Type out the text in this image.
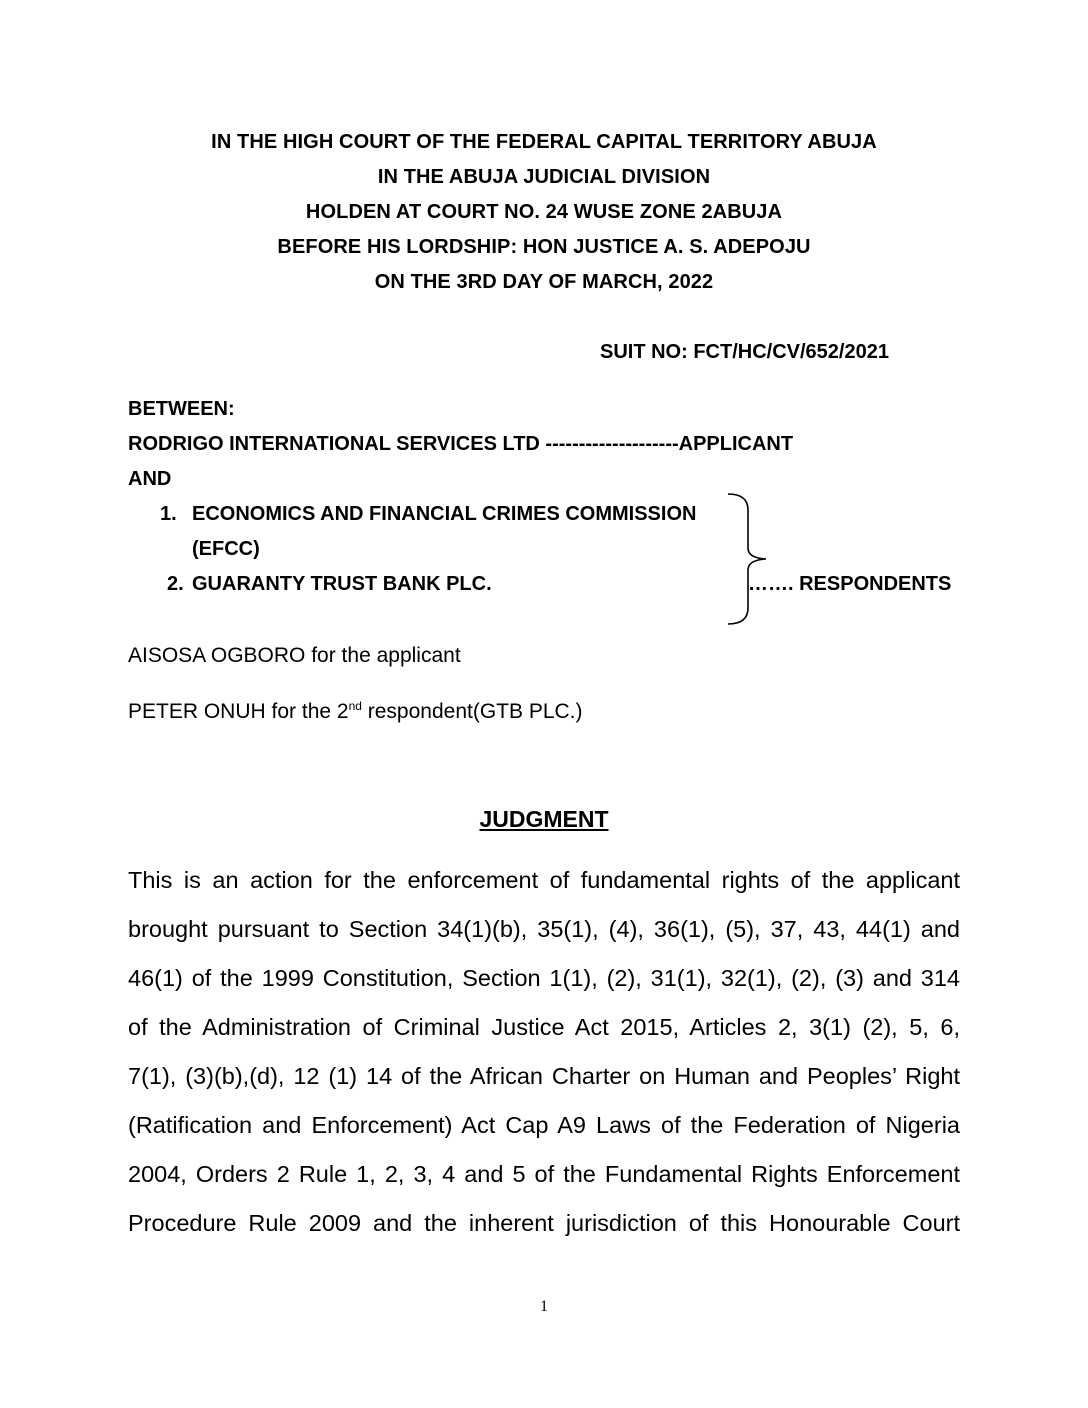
IN THE HIGH COURT OF THE FEDERAL CAPITAL TERRITORY ABUJA
IN THE ABUJA JUDICIAL DIVISION
HOLDEN AT COURT NO. 24 WUSE ZONE 2ABUJA
BEFORE HIS LORDSHIP: HON JUSTICE A. S. ADEPOJU
ON THE 3RD DAY OF MARCH, 2022
SUIT NO: FCT/HC/CV/652/2021
BETWEEN:
RODRIGO INTERNATIONAL SERVICES LTD --------------------APPLICANT
AND
1. ECONOMICS AND FINANCIAL CRIMES COMMISSION
(EFCC)
2. GUARANTY TRUST BANK PLC.	……. RESPONDENTS
AISOSA OGBORO for the applicant
PETER ONUH for the 2nd respondent(GTB PLC.)
JUDGMENT
This is an action for the enforcement of fundamental rights of the applicant
brought pursuant to Section 34(1)(b), 35(1), (4), 36(1), (5), 37, 43, 44(1) and
46(1) of the 1999 Constitution, Section 1(1), (2), 31(1), 32(1), (2), (3) and 314
of the Administration of Criminal Justice Act 2015, Articles 2, 3(1) (2), 5, 6,
7(1), (3)(b),(d), 12 (1) 14 of the African Charter on Human and Peoples’ Right
(Ratification and Enforcement) Act Cap A9 Laws of the Federation of Nigeria
2004, Orders 2 Rule 1, 2, 3, 4 and 5 of the Fundamental Rights Enforcement
Procedure Rule 2009 and the inherent jurisdiction of this Honourable Court
1
